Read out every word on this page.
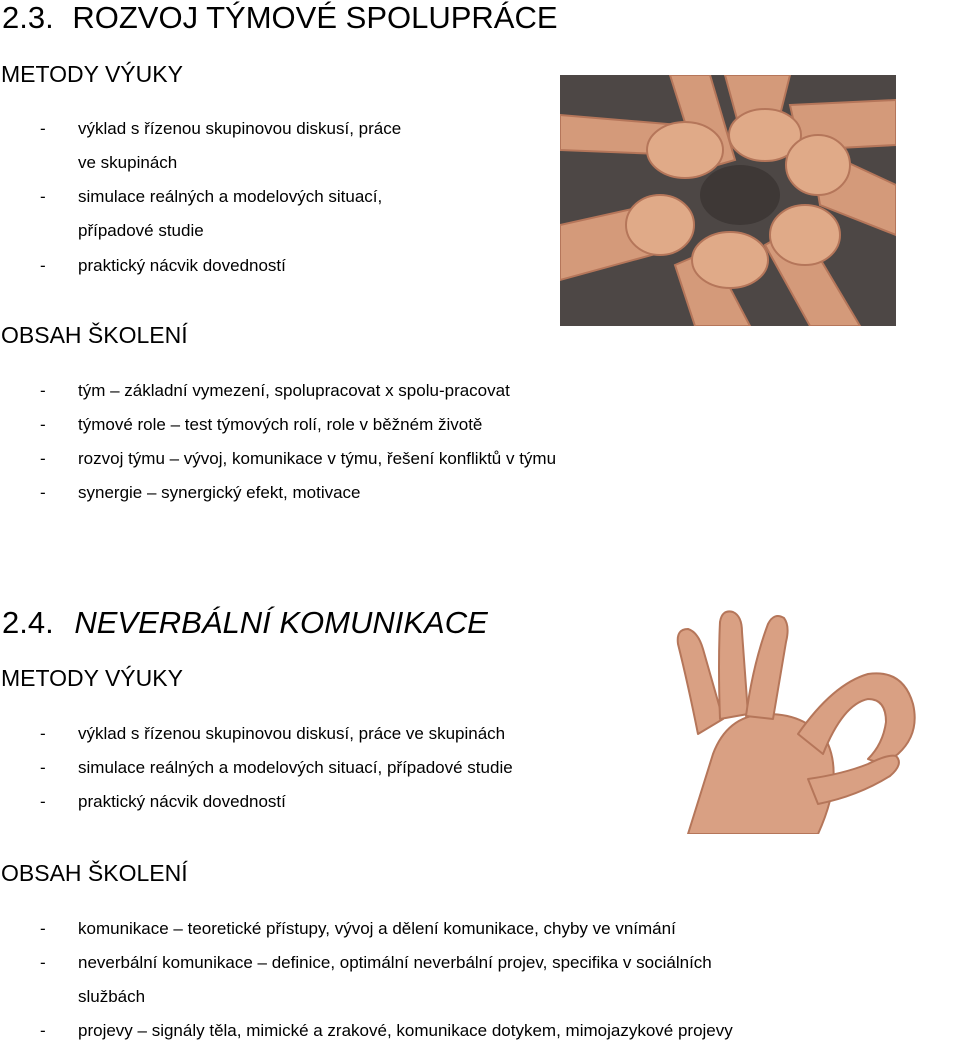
2.3. ROZVOJ TÝMOVÉ SPOLUPRÁCE
METODY VÝUKY
- výklad s řízenou skupinovou diskusí, práce
ve skupinách
- simulace reálných a modelových situací,
případové studie
- praktický nácvik dovedností
OBSAH ŠKOLENÍ
- tým – základní vymezení, spolupracovat x spolu-pracovat
- týmové role – test týmových rolí, role v běžném životě
- rozvoj týmu – vývoj, komunikace v týmu, řešení konfliktů v týmu
- synergie – synergický efekt, motivace
2.4. NEVERBÁLNÍ KOMUNIKACE
METODY VÝUKY
- výklad s řízenou skupinovou diskusí, práce ve skupinách
- simulace reálných a modelových situací, případové studie
- praktický nácvik dovedností
OBSAH ŠKOLENÍ
- komunikace – teoretické přístupy, vývoj a dělení komunikace, chyby ve vnímání
- neverbální komunikace – definice, optimální neverbální projev, specifika v sociálních
službách
- projevy – signály těla, mimické a zrakové, komunikace dotykem, mimojazykové projevy
